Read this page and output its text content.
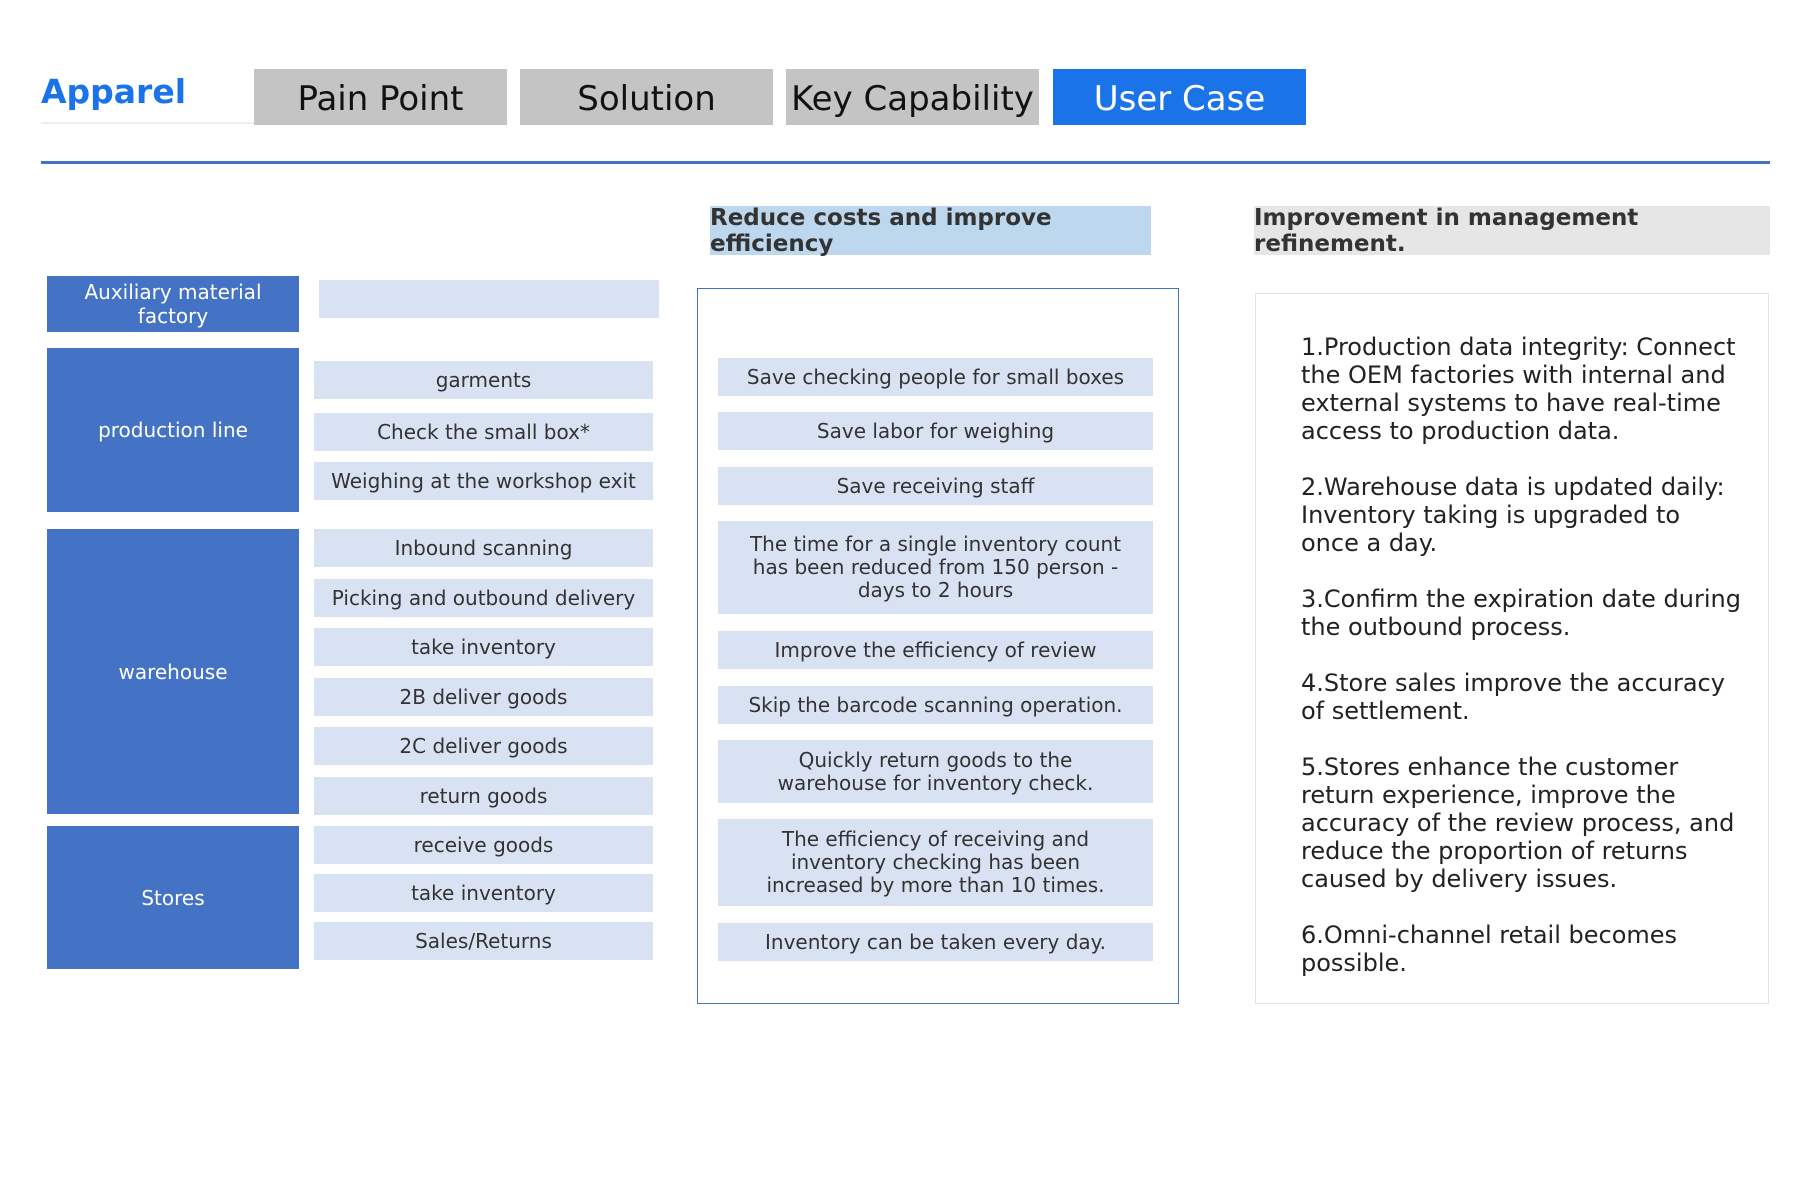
Apparel	Pain Point	Solution	Key Capability	User Case
Reduce costs and improve efficiency
Improvement in management refinement.
Auxiliary material factory
production line
garments
Check the small box*
Weighing at the workshop exit
warehouse
Inbound scanning
Picking and outbound delivery
take inventory
2B deliver goods
2C deliver goods
return goods
Stores
receive goods
take inventory
Sales/Returns
Save checking people for small boxes
Save labor for weighing
Save receiving staff
The time for a single inventory count has been reduced from 150 person - days to 2 hours
Improve the efficiency of review
Skip the barcode scanning operation.
Quickly return goods to the warehouse for inventory check.
The efficiency of receiving and inventory checking has been increased by more than 10 times.
Inventory can be taken every day.

1.Production data integrity: Connect the OEM factories with internal and external systems to have real-time access to production data.

2.Warehouse data is updated daily: Inventory taking is upgraded to once a day.

3.Confirm the expiration date during the outbound process.

4.Store sales improve the accuracy of settlement.

5.Stores enhance the customer return experience, improve the accuracy of the review process, and reduce the proportion of returns caused by delivery issues.

6.Omni-channel retail becomes possible.
